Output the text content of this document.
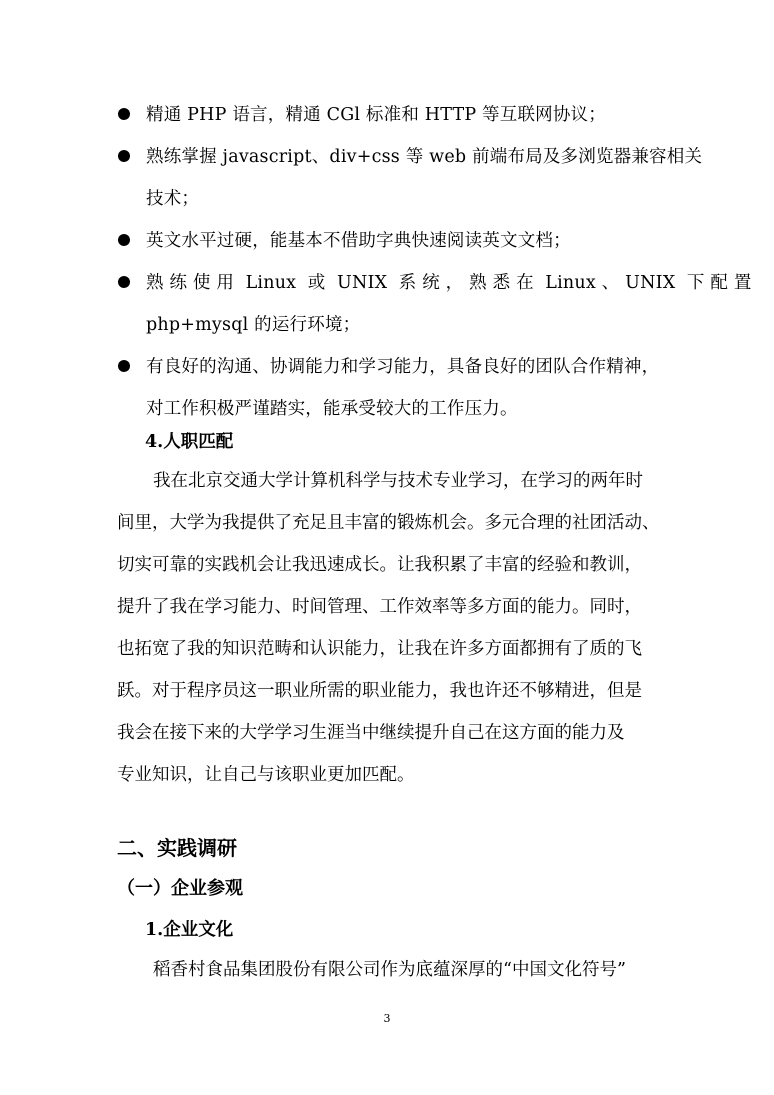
精通 PHP 语言，精通 CGl 标准和 HTTP 等互联网协议；
熟练掌握 javascript、div+css 等 web 前端布局及多浏览器兼容相关
技术；
英文水平过硬，能基本不借助字典快速阅读英文文档；
熟 练 使 用  Linux  或  UNIX  系 统 ， 熟 悉 在  Linux 、 UNIX  下 配 置
php+mysql 的运行环境；
有良好的沟通、协调能力和学习能力，具备良好的团队合作精神，
对工作积极严谨踏实，能承受较大的工作压力。
4.人职匹配
我在北京交通大学计算机科学与技术专业学习，在学习的两年时
间里，大学为我提供了充足且丰富的锻炼机会。多元合理的社团活动、
切实可靠的实践机会让我迅速成长。让我积累了丰富的经验和教训，
提升了我在学习能力、时间管理、工作效率等多方面的能力。同时，
也拓宽了我的知识范畴和认识能力，让我在许多方面都拥有了质的飞
跃。对于程序员这一职业所需的职业能力，我也许还不够精进，但是
我会在接下来的大学学习生涯当中继续提升自己在这方面的能力及
专业知识，让自己与该职业更加匹配。
二、实践调研
（一）企业参观
1.企业文化
稻香村食品集团股份有限公司作为底蕴深厚的“中国文化符号”
3
